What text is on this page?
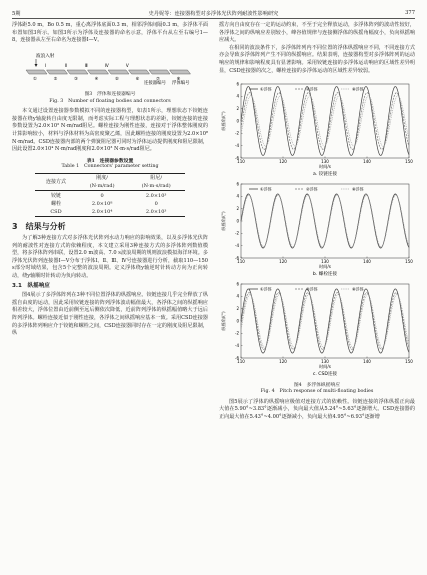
5期	史丹妮等：连接器构型对多浮体光伏阵列耐波性影响研究	377

浮体距5.0 m，Bo 0.5 m，重心离浮体底面0.3 m，相邻浮体间隔0.3 m，多浮体平面布置如图3所示。如图3所示为浮体及连接器的命名示意，浮体平台从左至右编号1—8，连接器从左至右命名为连接器Ⅰ—Ⅴ。

波浪入射
①	②	③	④	⑤	⑥	⑦	⑧
Ⅰ	Ⅱ	Ⅲ	Ⅳ	Ⅴ
连接器编号 浮体编号

图3　浮体和连接器编号

Fig. 3　Number of floating bodies and connectors

本文通过设置连接器参数模拟不同的连接器构型，如表1所示，理想状态下铰链连接器在绕y轴旋转自由度无限制，而考虑实际工程与理想状态的差距，铰链连接的连接参数设置为2.0×10³ N·m/rad阻尼。螺栓连接为刚性连接，连接对于浮体整体刚度的计算影响较小，材料与浮体材料为高密度聚乙烯，因此螺栓连接的刚度设置为2.0×10⁸ N·m/rad。CSD连接器内部的两个弹簧阻尼器可同时为浮体运动提供刚度和阻尼限制，因此设置2.0×10⁴ N·m/rad刚度和2.0×10³ N·m·s/rad阻尼。

表1　连接器参数设置

Table 1　Connectors' parameter setting

连接方式	刚度/	阻尼/
	(N·m/rad)	(N·m·s/rad)
铰链	0	2.0×10³
螺栓	2.0×10⁸	0
CSD	2.0×10⁴	2.0×10³
3　结果与分析

为了解3种连接方式对多浮体光伏阵列水动力响应的影响效果，以及多浮体光伏阵列的耐波性对连接方式的依赖程度，本文建立采用3种连接方式的多浮体阵列数值模型，将多浮体阵列串联，设置2.0 m波高、7.0 s波浪周期的规则波浪模拟海洋环境。多浮体光伏阵列连接器Ⅰ—Ⅴ分布于浮体Ⅰ、Ⅱ、Ⅲ、Ⅳ号连接器进行分析，截取110—150 s部分时域结果，包含5个完整的波浪周期。定义浮体绕y轴逆时针转动方向为正向转动，绕y轴顺时针转动为负向转动。

3.1　纵摇响应

图4展示了多浮体阵列在3种不同位置浮体的纵摇响应。铰链连接几乎完全释放了纵摇自由度的运动，因此采用铰链连接的阵列浮体波动幅值最大，各浮体之间的纵摇响应相差较大，浮体位置由近前侧至远后侧依次降低，近前阵列浮体的纵摇幅值略大于远后阵列浮体。螺栓连接近似于刚性连接，各浮体之间纵摇响应基本一致。采用CSD连接器的多浮体阵列响应介于铰链和螺栓之间，CSD连接器同时存在一定的刚度及阻尼限制，纵

摇方向自由度存在一定的运动约束，不至于完全释放运动，多浮体阵列的波动性较好，各浮体之间的纵响应差别较小，峰谷值规律与连接侧浮体的纵摇角幅度小，负向纵摇响应减大。

在相同的波浪条件下，多浮体阵列内不同位置的浮体纵摇响应不同，不同连接方式亦会导致多浮体阵列产生不同的纵摇响应。结果表明，连接器构型对多浮体阵列的运动响应的规律和影响程度具有显著影响。采用铰链连接的多浮体运动响应的区域性差异明显，CSD连接器的次之，螺栓连接的多浮体运动的区域性差异较弱。

-6
-4
-2
0
2
4
6
110	120	130	140	150
纵摇角/(°)
时间/s
a. 铰链连接
①浮体	②浮体	⑧浮体
-6
-4
-2
0
2
4
6
110	120	130	140	150
纵摇角/(°)
时间/s
b. 螺栓连接
①浮体	②浮体	⑧浮体
-6
-4
-2
0
2
4
6
110	120	130	140	150
纵摇角/(°)
时间/s
c. CSD连接
①浮体	②浮体	⑧浮体

图4　多浮体纵摇响应

Fig. 4　Pitch response of multi-floating bodies

图5展示了浮体的纵摇响应极值对连接方式的依赖性。铰链连接的浮体纵摇正向最大值在5.90°~3.83°逐渐减小，负向最大值从5.24°~5.63°逐渐增大。CSD连接器的正向最大值在5.43°~4.00°逐渐减小，负向最大值4.95°~6.93°逐渐增
